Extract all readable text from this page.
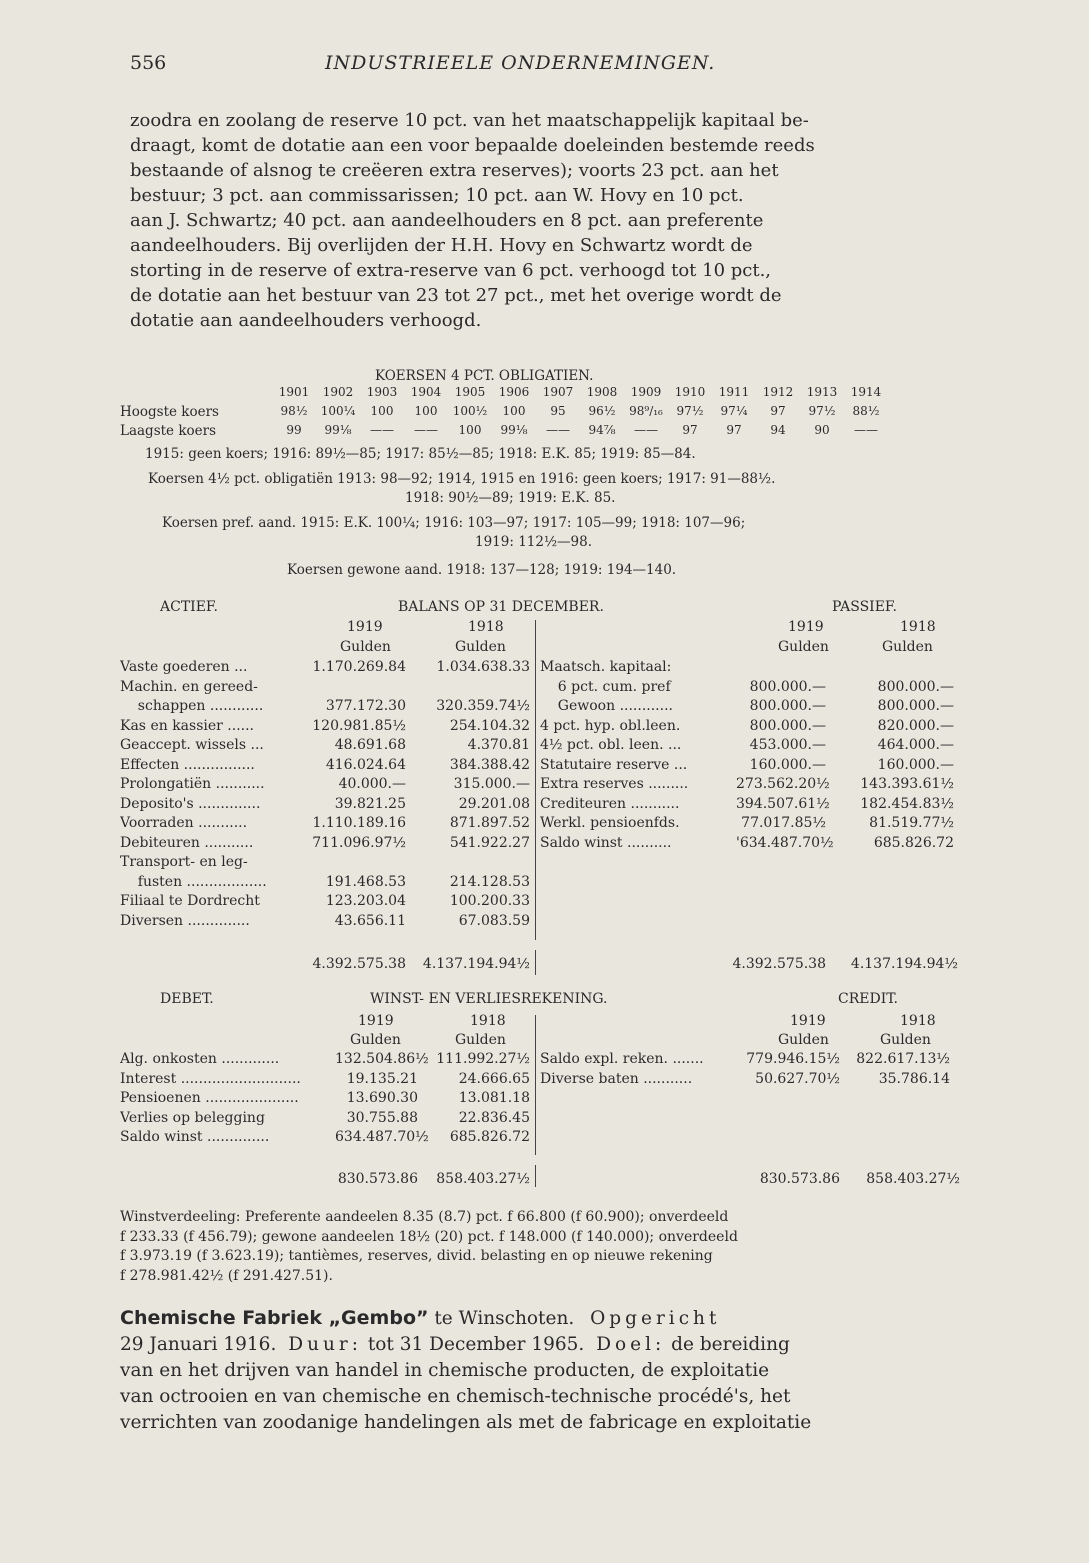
556	INDUSTRIEELE ONDERNEMINGEN.
zoodra en zoolang de reserve 10 pct. van het maatschappelijk kapitaal be-
draagt, komt de dotatie aan een voor bepaalde doeleinden bestemde reeds
bestaande of alsnog te creëeren extra reserves); voorts 23 pct. aan het
bestuur; 3 pct. aan commissarissen; 10 pct. aan W. Hovy en 10 pct.
aan J. Schwartz; 40 pct. aan aandeelhouders en 8 pct. aan preferente
aandeelhouders. Bij overlijden der H.H. Hovy en Schwartz wordt de
storting in de reserve of extra-reserve van 6 pct. verhoogd tot 10 pct.,
de dotatie aan het bestuur van 23 tot 27 pct., met het overige wordt de
dotatie aan aandeelhouders verhoogd.
KOERSEN 4 PCT. OBLIGATIEN.
1901	1902	1903	1904	1905	1906	1907	1908	1909	1910	1911	1912	1913	1914
Hoogste koers	98½	100¼	100	100	100½	100	95	96½	98⁹/₁₆	97½	97¼	97	97½	88½
Laagste koers	99	99⅛	——	——	100	99⅛	——	94⅞	——	97	97	94	90	——
1915: geen koers; 1916: 89½—85; 1917: 85½—85; 1918: E.K. 85; 1919: 85—84.
Koersen 4½ pct. obligatiën 1913: 98—92; 1914, 1915 en 1916: geen koers; 1917: 91—88½.
1918: 90½—89; 1919: E.K. 85.
Koersen pref. aand. 1915: E.K. 100¼; 1916: 103—97; 1917: 105—99; 1918: 107—96;
1919: 112½—98.
Koersen gewone aand. 1918: 137—128; 1919: 194—140.
ACTIEF.	BALANS OP 31 DECEMBER.	PASSIEF.
1919	1918
Gulden	Gulden
1919	1918
Gulden	Gulden
Vaste goederen ...	1.170.269.84	1.034.638.33
Machin. en gereed-
schappen ............	377.172.30	320.359.74½
Kas en kassier ......	120.981.85½	254.104.32
Geaccept. wissels ...	48.691.68	4.370.81
Effecten ................	416.024.64	384.388.42
Prolongatiën ...........	40.000.—	315.000.—
Deposito's ..............	39.821.25	29.201.08
Voorraden ...........	1.110.189.16	871.897.52
Debiteuren ...........	711.096.97½	541.922.27
Transport- en leg-
fusten ..................	191.468.53	214.128.53
Filiaal te Dordrecht	123.203.04	100.200.33
Diversen ..............	43.656.11	67.083.59
Maatsch. kapitaal:
6 pct. cum. pref	800.000.—	800.000.—
Gewoon ............	800.000.—	800.000.—
4 pct. hyp. obl.leen.	800.000.—	820.000.—
4½ pct. obl. leen. ...	453.000.—	464.000.—
Statutaire reserve ...	160.000.—	160.000.—
Extra reserves .........	273.562.20½	143.393.61½
Crediteuren ...........	394.507.61½	182.454.83½
Werkl. pensioenfds.	77.017.85½	81.519.77½
Saldo winst ..........	'634.487.70½	685.826.72
4.392.575.38	4.137.194.94½	4.392.575.38	4.137.194.94½
DEBET.	WINST- EN VERLIESREKENING.	CREDIT.
1919	1918
Gulden	Gulden
1919	1918
Gulden	Gulden
Alg. onkosten .............	132.504.86½ 111.992.27½
Interest ...........................	19.135.21	24.666.65
Pensioenen .....................	13.690.30	13.081.18
Verlies op belegging	30.755.88	22.836.45
Saldo winst ..............	634.487.70½	685.826.72
Saldo expl. reken. .......	779.946.15½	822.617.13½
Diverse baten ...........	50.627.70½	35.786.14
830.573.86	858.403.27½	830.573.86	858.403.27½
Winstverdeeling: Preferente aandeelen 8.35 (8.7) pct. f 66.800 (f 60.900); onverdeeld
f 233.33 (f 456.79); gewone aandeelen 18½ (20) pct. f 148.000 (f 140.000); onverdeeld
f 3.973.19 (f 3.623.19); tantièmes, reserves, divid. belasting en op nieuwe rekening
f 278.981.42½ (f 291.427.51).
Chemische Fabriek „Gembo” te Winschoten. Opgericht
29 Januari 1916. Duur: tot 31 December 1965. Doel: de bereiding
van en het drijven van handel in chemische producten, de exploitatie
van octrooien en van chemische en chemisch-technische procédé's, het
verrichten van zoodanige handelingen als met de fabricage en exploitatie
